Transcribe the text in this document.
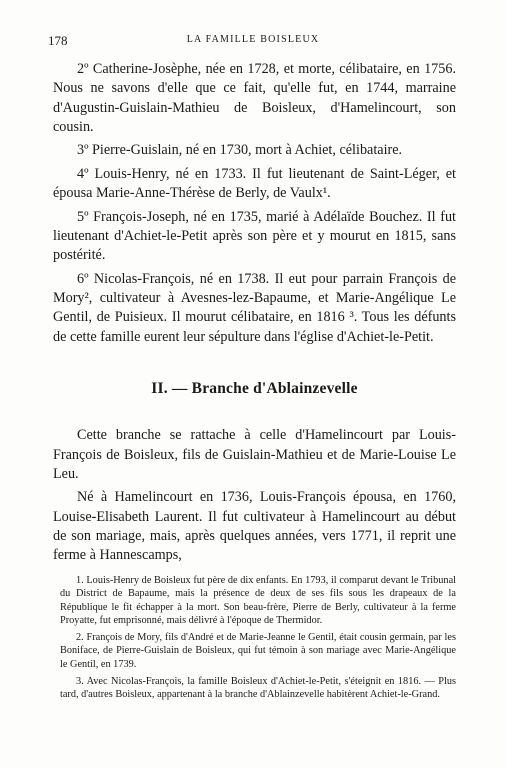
178	LA FAMILLE BOISLEUX

2º Catherine-Josèphe, née en 1728, et morte, célibataire, en 1756. Nous ne savons d'elle que ce fait, qu'elle fut, en 1744, marraine d'Augustin-Guislain-Mathieu de Boisleux, d'Hamelincourt, son cousin.

3º Pierre-Guislain, né en 1730, mort à Achiet, célibataire.

4º Louis-Henry, né en 1733. Il fut lieutenant de Saint-Léger, et épousa Marie-Anne-Thérèse de Berly, de Vaulx¹.

5º François-Joseph, né en 1735, marié à Adélaïde Bouchez. Il fut lieutenant d'Achiet-le-Petit après son père et y mourut en 1815, sans postérité.

6º Nicolas-François, né en 1738. Il eut pour parrain François de Mory², cultivateur à Avesnes-lez-Bapaume, et Marie-Angélique Le Gentil, de Puisieux. Il mourut célibataire, en 1816 ³. Tous les défunts de cette famille eurent leur sépulture dans l'église d'Achiet-le-Petit.

II. — Branche d'Ablainzevelle

Cette branche se rattache à celle d'Hamelincourt par Louis-François de Boisleux, fils de Guislain-Mathieu et de Marie-Louise Le Leu.

Né à Hamelincourt en 1736, Louis-François épousa, en 1760, Louise-Elisabeth Laurent. Il fut cultivateur à Hamelincourt au début de son mariage, mais, après quelques années, vers 1771, il reprit une ferme à Hannescamps,

1. Louis-Henry de Boisleux fut père de dix enfants. En 1793, il comparut devant le Tribunal du District de Bapaume, mais la présence de deux de ses fils sous les drapeaux de la République le fit échapper à la mort. Son beau-frère, Pierre de Berly, cultivateur à la ferme Proyatte, fut emprisonné, mais délivré à l'époque de Thermidor.

2. François de Mory, fils d'André et de Marie-Jeanne le Gentil, était cousin germain, par les Boniface, de Pierre-Guislain de Boisleux, qui fut témoin à son mariage avec Marie-Angélique le Gentil, en 1739.

3. Avec Nicolas-François, la famille Boisleux d'Achiet-le-Petit, s'éteignit en 1816. — Plus tard, d'autres Boisleux, appartenant à la branche d'Ablainzevelle habitèrent Achiet-le-Grand.
